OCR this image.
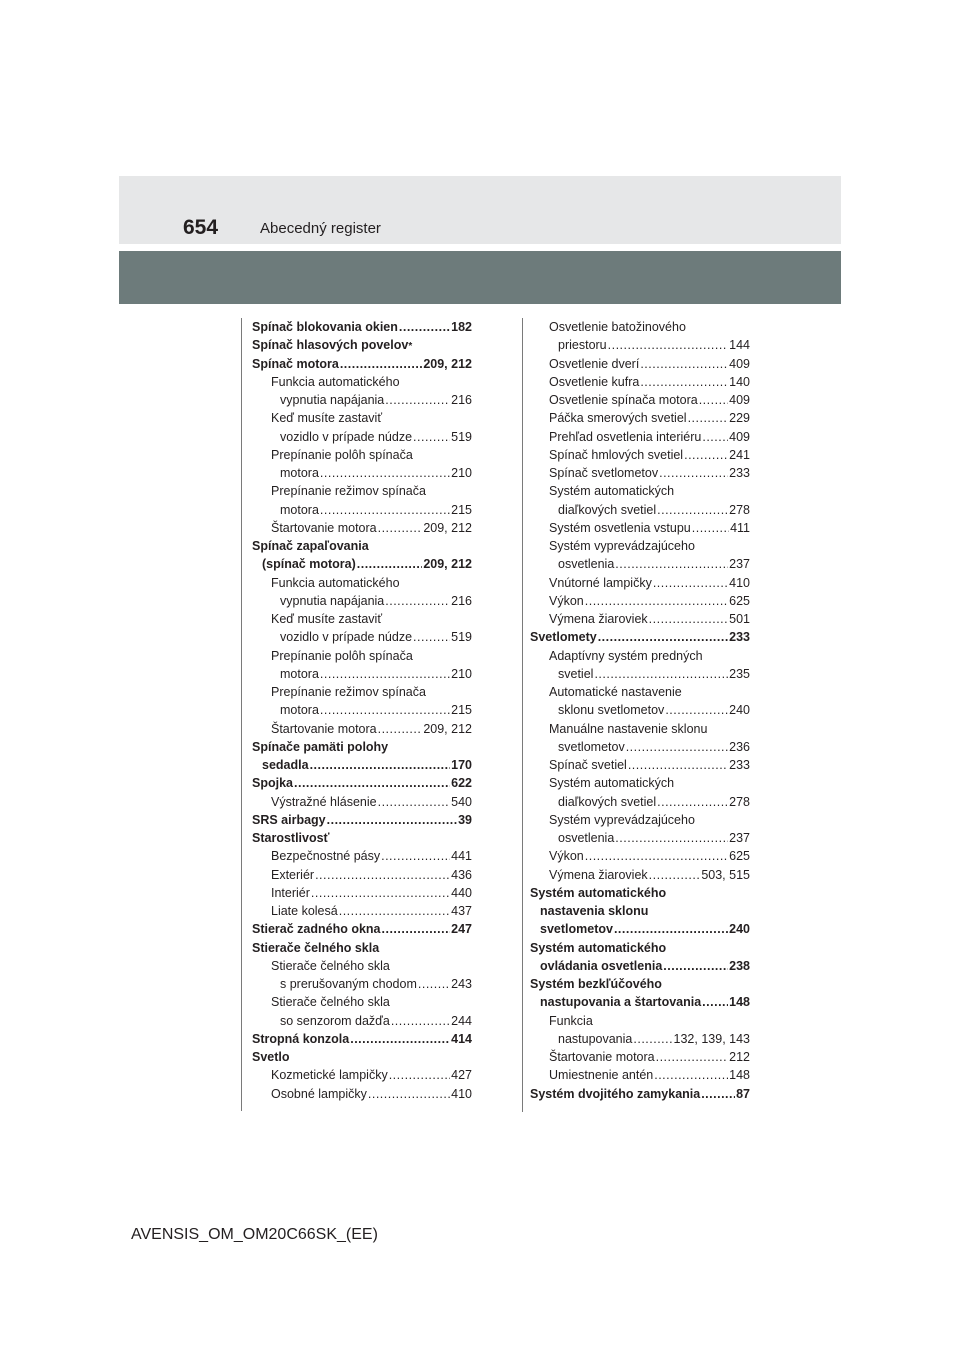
654	Abecedný register
Spínač blokovania okien .....	182
Spínač hlasových povelov *
Spínač motora .....	209, 212
Funkcia automatického
vypnutia napájania .....	216
Keď musíte zastaviť
vozidlo v prípade núdze .....	519
Prepínanie polôh spínača
motora .....	210
Prepínanie režimov spínača
motora .....	215
Štartovanie motora .....	209, 212
Spínač zapaľovania
(spínač motora) .....	209, 212
Funkcia automatického
vypnutia napájania .....	216
Keď musíte zastaviť
vozidlo v prípade núdze .....	519
Prepínanie polôh spínača
motora .....	210
Prepínanie režimov spínača
motora .....	215
Štartovanie motora .....	209, 212
Spínače pamäti polohy
sedadla .....	170
Spojka .....	622
Výstražné hlásenie .....	540
SRS airbagy .....	39
Starostlivosť
Bezpečnostné pásy .....	441
Exteriér .....	436
Interiér .....	440
Liate kolesá .....	437
Stierač zadného okna .....	247
Stierače čelného skla
Stierače čelného skla
s prerušovaným chodom .....	243
Stierače čelného skla
so senzorom dažďa .....	244
Stropná konzola .....	414
Svetlo
Kozmetické lampičky .....	427
Osobné lampičky .....	410
Osvetlenie batožinového
priestoru .....	144
Osvetlenie dverí .....	409
Osvetlenie kufra .....	140
Osvetlenie spínača motora .....	409
Páčka smerových svetiel .....	229
Prehľad osvetlenia interiéru ..... 409
Spínač hmlových svetiel .....	241
Spínač svetlometov .....	233
Systém automatických
diaľkových svetiel .....	278
Systém osvetlenia vstupu .....	411
Systém vyprevádzajúceho
osvetlenia .....	237
Vnútorné lampičky .....	410
Výkon .....	625
Výmena žiaroviek .....	501
Svetlomety .....	233
Adaptívny systém predných
svetiel .....	235
Automatické nastavenie
sklonu svetlometov .....	240
Manuálne nastavenie sklonu
svetlometov .....	236
Spínač svetiel .....	233
Systém automatických
diaľkových svetiel .....	278
Systém vyprevádzajúceho
osvetlenia .....	237
Výkon .....	625
Výmena žiaroviek .....	503, 515
Systém automatického
nastavenia sklonu
svetlometov .....	240
Systém automatického
ovládania osvetlenia .....	238
Systém bezkľúčového
nastupovania a štartovania ..... 148
Funkcia
nastupovania .....	132, 139, 143
Štartovanie motora .....	212
Umiestnenie antén .....	148
Systém dvojitého zamykania .....	87
AVENSIS_OM_OM20C66SK_(EE)
